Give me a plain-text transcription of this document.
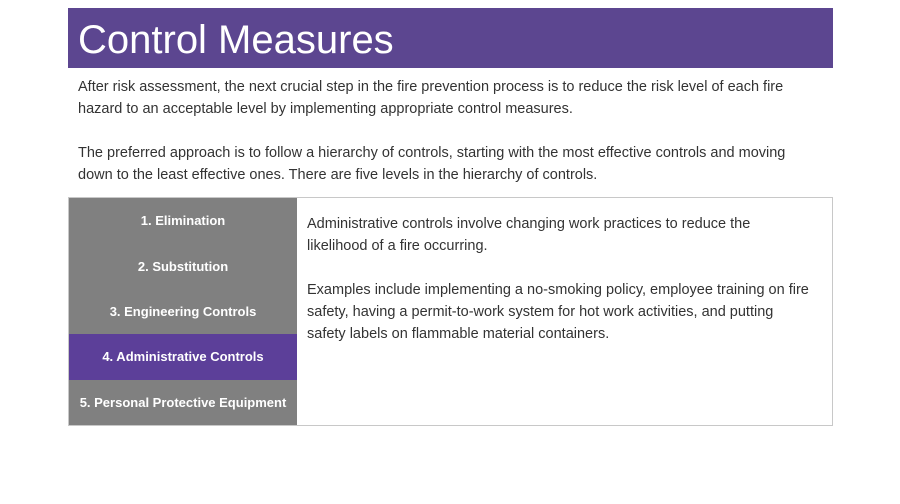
Control Measures

After risk assessment, the next crucial step in the fire prevention process is to reduce the risk level of each fire hazard to an acceptable level by implementing appropriate control measures.

The preferred approach is to follow a hierarchy of controls, starting with the most effective controls and moving down to the least effective ones. There are five levels in the hierarchy of controls.

1. Elimination
2. Substitution
3. Engineering Controls
4. Administrative Controls
5. Personal Protective Equipment

Administrative controls involve changing work practices to reduce the likelihood of a fire occurring.

Examples include implementing a no-smoking policy, employee training on fire safety, having a permit-to-work system for hot work activities, and putting safety labels on flammable material containers.
